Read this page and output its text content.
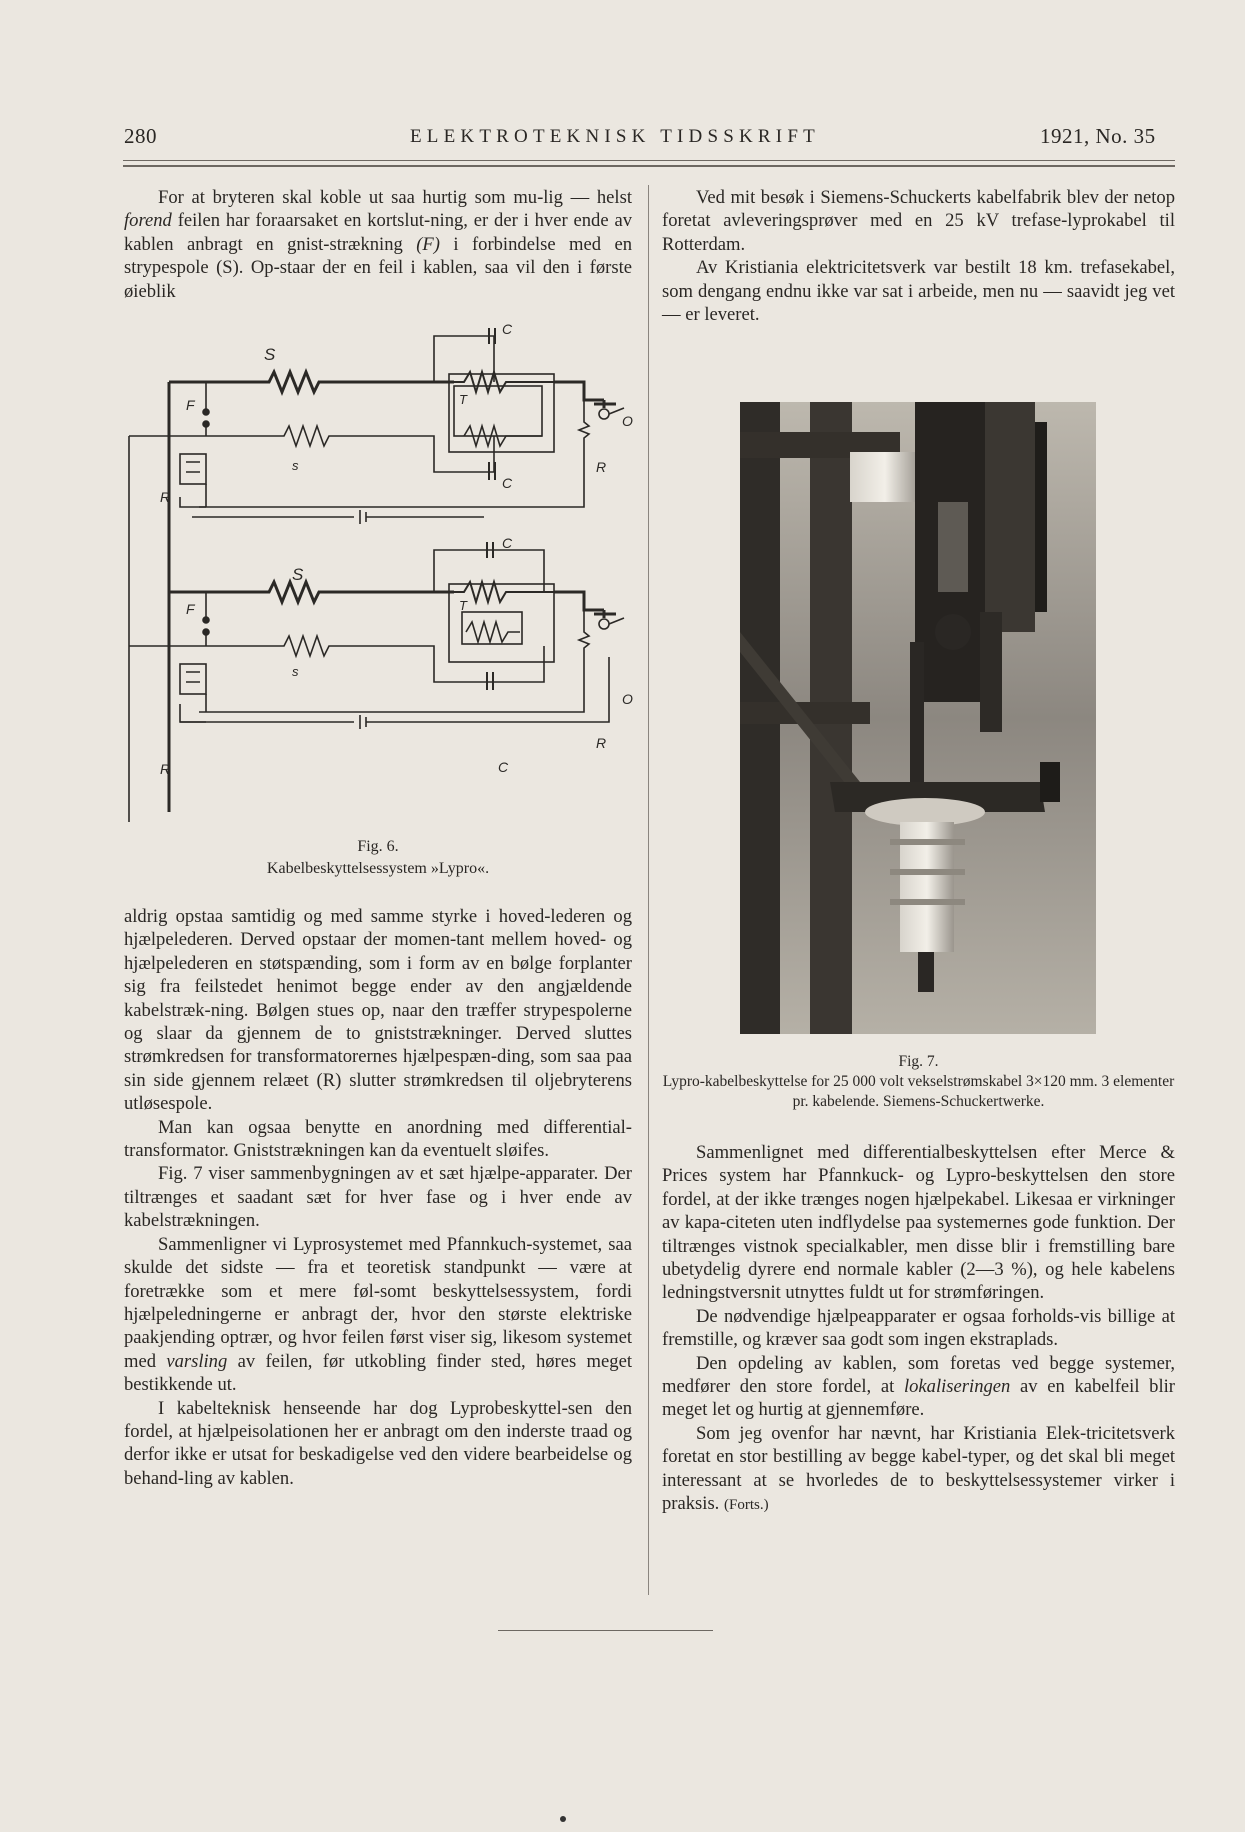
280	ELEKTROTEKNISK TIDSSKRIFT	1921, No. 35

For at bryteren skal koble ut saa hurtig som mu-lig — helst forend feilen har foraarsaket en kortslut-ning, er der i hver ende av kablen anbragt en gnist-strækning (F) i forbindelse med en strypespole (S). Op-staar der en feil i kablen, saa vil den i første øieblik

S
s
F
R
R
T
C
C
O
S
s
F
R
R
T
C
C
O
Fig. 6.
Kabelbeskyttelsessystem »Lypro«.

aldrig opstaa samtidig og med samme styrke i hoved-lederen og hjælpelederen. Derved opstaar der momen-tant mellem hoved- og hjælpelederen en støtspænding, som i form av en bølge forplanter sig fra feilstedet henimot begge ender av den angjældende kabelstræk-ning. Bølgen stues op, naar den træffer strypespolerne og slaar da gjennem de to gniststrækninger. Derved sluttes strømkredsen for transformatorernes hjælpespæn-ding, som saa paa sin side gjennem relæet (R) slutter strømkredsen til oljebryterens utløsespole.

Man kan ogsaa benytte en anordning med differential-transformator. Gniststrækningen kan da eventuelt sløifes.

Fig. 7 viser sammenbygningen av et sæt hjælpe-apparater. Der tiltrænges et saadant sæt for hver fase og i hver ende av kabelstrækningen.

Sammenligner vi Lyprosystemet med Pfannkuch-systemet, saa skulde det sidste — fra et teoretisk standpunkt — være at foretrække som et mere føl-somt beskyttelsessystem, fordi hjælpeledningerne er anbragt der, hvor den største elektriske paakjending optrær, og hvor feilen først viser sig, likesom systemet med varsling av feilen, før utkobling finder sted, høres meget bestikkende ut.

I kabelteknisk henseende har dog Lyprobeskyttel-sen den fordel, at hjælpeisolationen her er anbragt om den inderste traad og derfor ikke er utsat for beskadigelse ved den videre bearbeidelse og behand-ling av kablen.

Ved mit besøk i Siemens-Schuckerts kabelfabrik blev der netop foretat avleveringsprøver med en 25 kV trefase-lyprokabel til Rotterdam.

Av Kristiania elektricitetsverk var bestilt 18 km. trefasekabel, som dengang endnu ikke var sat i arbeide, men nu — saavidt jeg vet — er leveret.

Fig. 7.
Lypro-kabelbeskyttelse for 25 000 volt vekselstrømskabel 3×120 mm. 3 elementer pr. kabelende. Siemens-Schuckertwerke.

Sammenlignet med differentialbeskyttelsen efter Merce & Prices system har Pfannkuck- og Lypro-beskyttelsen den store fordel, at der ikke trænges nogen hjælpekabel. Likesaa er virkninger av kapa-citeten uten indflydelse paa systemernes gode funktion. Der tiltrænges vistnok specialkabler, men disse blir i fremstilling bare ubetydelig dyrere end normale kabler (2—3 %), og hele kabelens ledningstversnit utnyttes fuldt ut for strømføringen.

De nødvendige hjælpeapparater er ogsaa forholds-vis billige at fremstille, og kræver saa godt som ingen ekstraplads.

Den opdeling av kablen, som foretas ved begge systemer, medfører den store fordel, at lokaliseringen av en kabelfeil blir meget let og hurtig at gjennemføre.

Som jeg ovenfor har nævnt, har Kristiania Elek-tricitetsverk foretat en stor bestilling av begge kabel-typer, og det skal bli meget interessant at se hvorledes de to beskyttelsessystemer virker i praksis. (Forts.)
